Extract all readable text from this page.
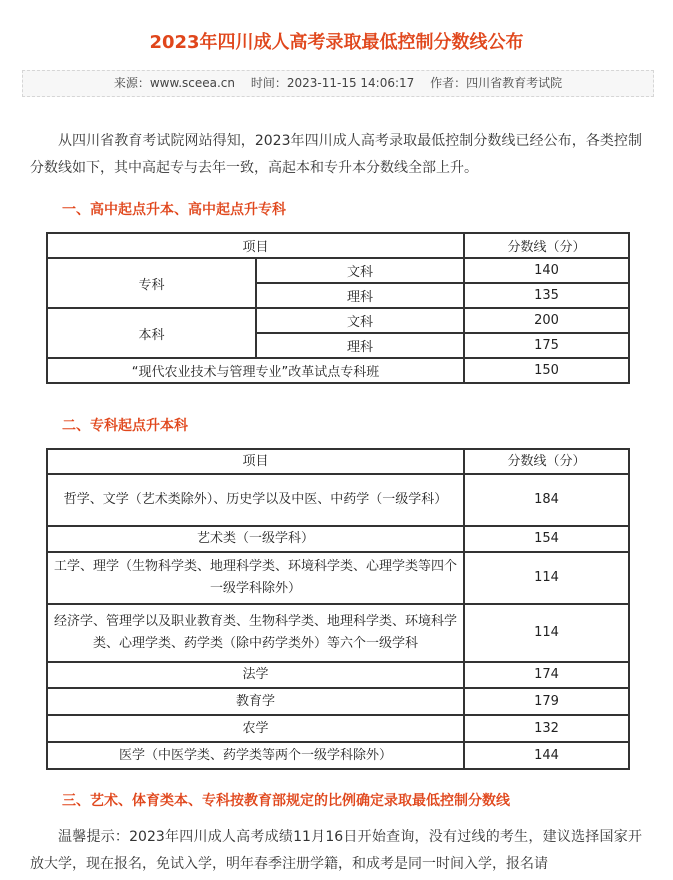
2023年四川成人高考录取最低控制分数线公布
来源：www.sceea.cn 时间：2023-11-15 14:06:17 作者：四川省教育考试院
从四川省教育考试院网站得知，2023年四川成人高考录取最低控制分数线已经公布，各类控制分数线如下，其中高起专与去年一致，高起本和专升本分数线全部上升。
一、高中起点升本、高中起点升专科
项目		分数线（分）
专科	文科	140
	理科	135
本科	文科	200
	理科	175
“现代农业技术与管理专业”改革试点专科班		150
二、专科起点升本科
项目	分数线（分）
哲学、文学（艺术类除外）、历史学以及中医、中药学（一级学科）	184
艺术类（一级学科）	154
工学、理学（生物科学类、地理科学类、环境科学类、心理学类等四个一级学科除外）	114
经济学、管理学以及职业教育类、生物科学类、地理科学类、环境科学类、心理学类、药学类（除中药学类外）等六个一级学科	114
法学	174
教育学	179
农学	132
医学（中医学类、药学类等两个一级学科除外）	144
三、艺术、体育类本、专科按教育部规定的比例确定录取最低控制分数线
温馨提示：2023年四川成人高考成绩11月16日开始查询，没有过线的考生，建议选择国家开放大学，现在报名，免试入学，明年春季注册学籍，和成考是同一时间入学，报名请
